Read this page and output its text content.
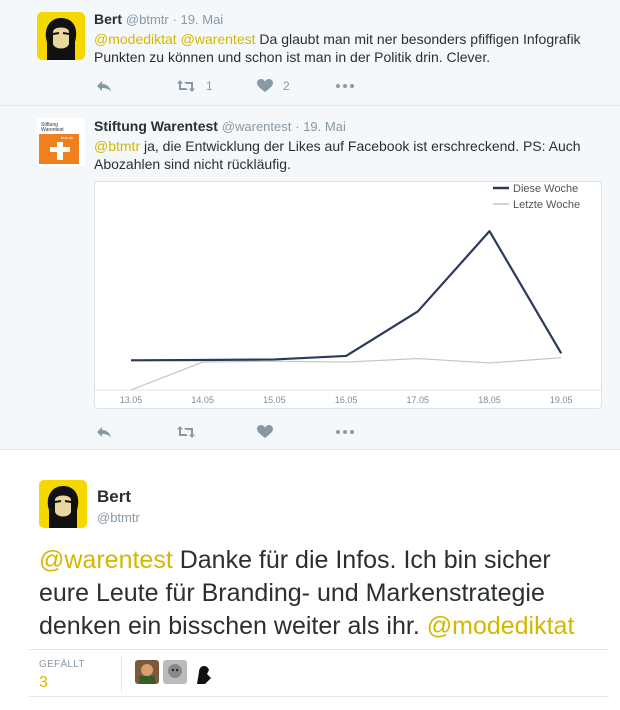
Bert @btmtr · 19. Mai
@modediktat @warentest Da glaubt man mit ner besonders pfiffigen Infografik Punkten zu können und schon ist man in der Politik drin. Clever.
1	2
Stiftung
Warentest
test.de
Stiftung Warentest @warentest · 19. Mai
@btmtr ja, die Entwicklung der Likes auf Facebook ist erschreckend. PS: Auch Abozahlen sind nicht rückläufig.
13.05	14.05	15.05	16.05	17.05	18.05	19.05
Diese Woche
Letzte Woche
Bert
@btmtr
@warentest Danke für die Infos. Ich bin sicher eure Leute für Branding- und Markenstrategie denken ein bisschen weiter als ihr. @modediktat
GEFÄLLT
3
